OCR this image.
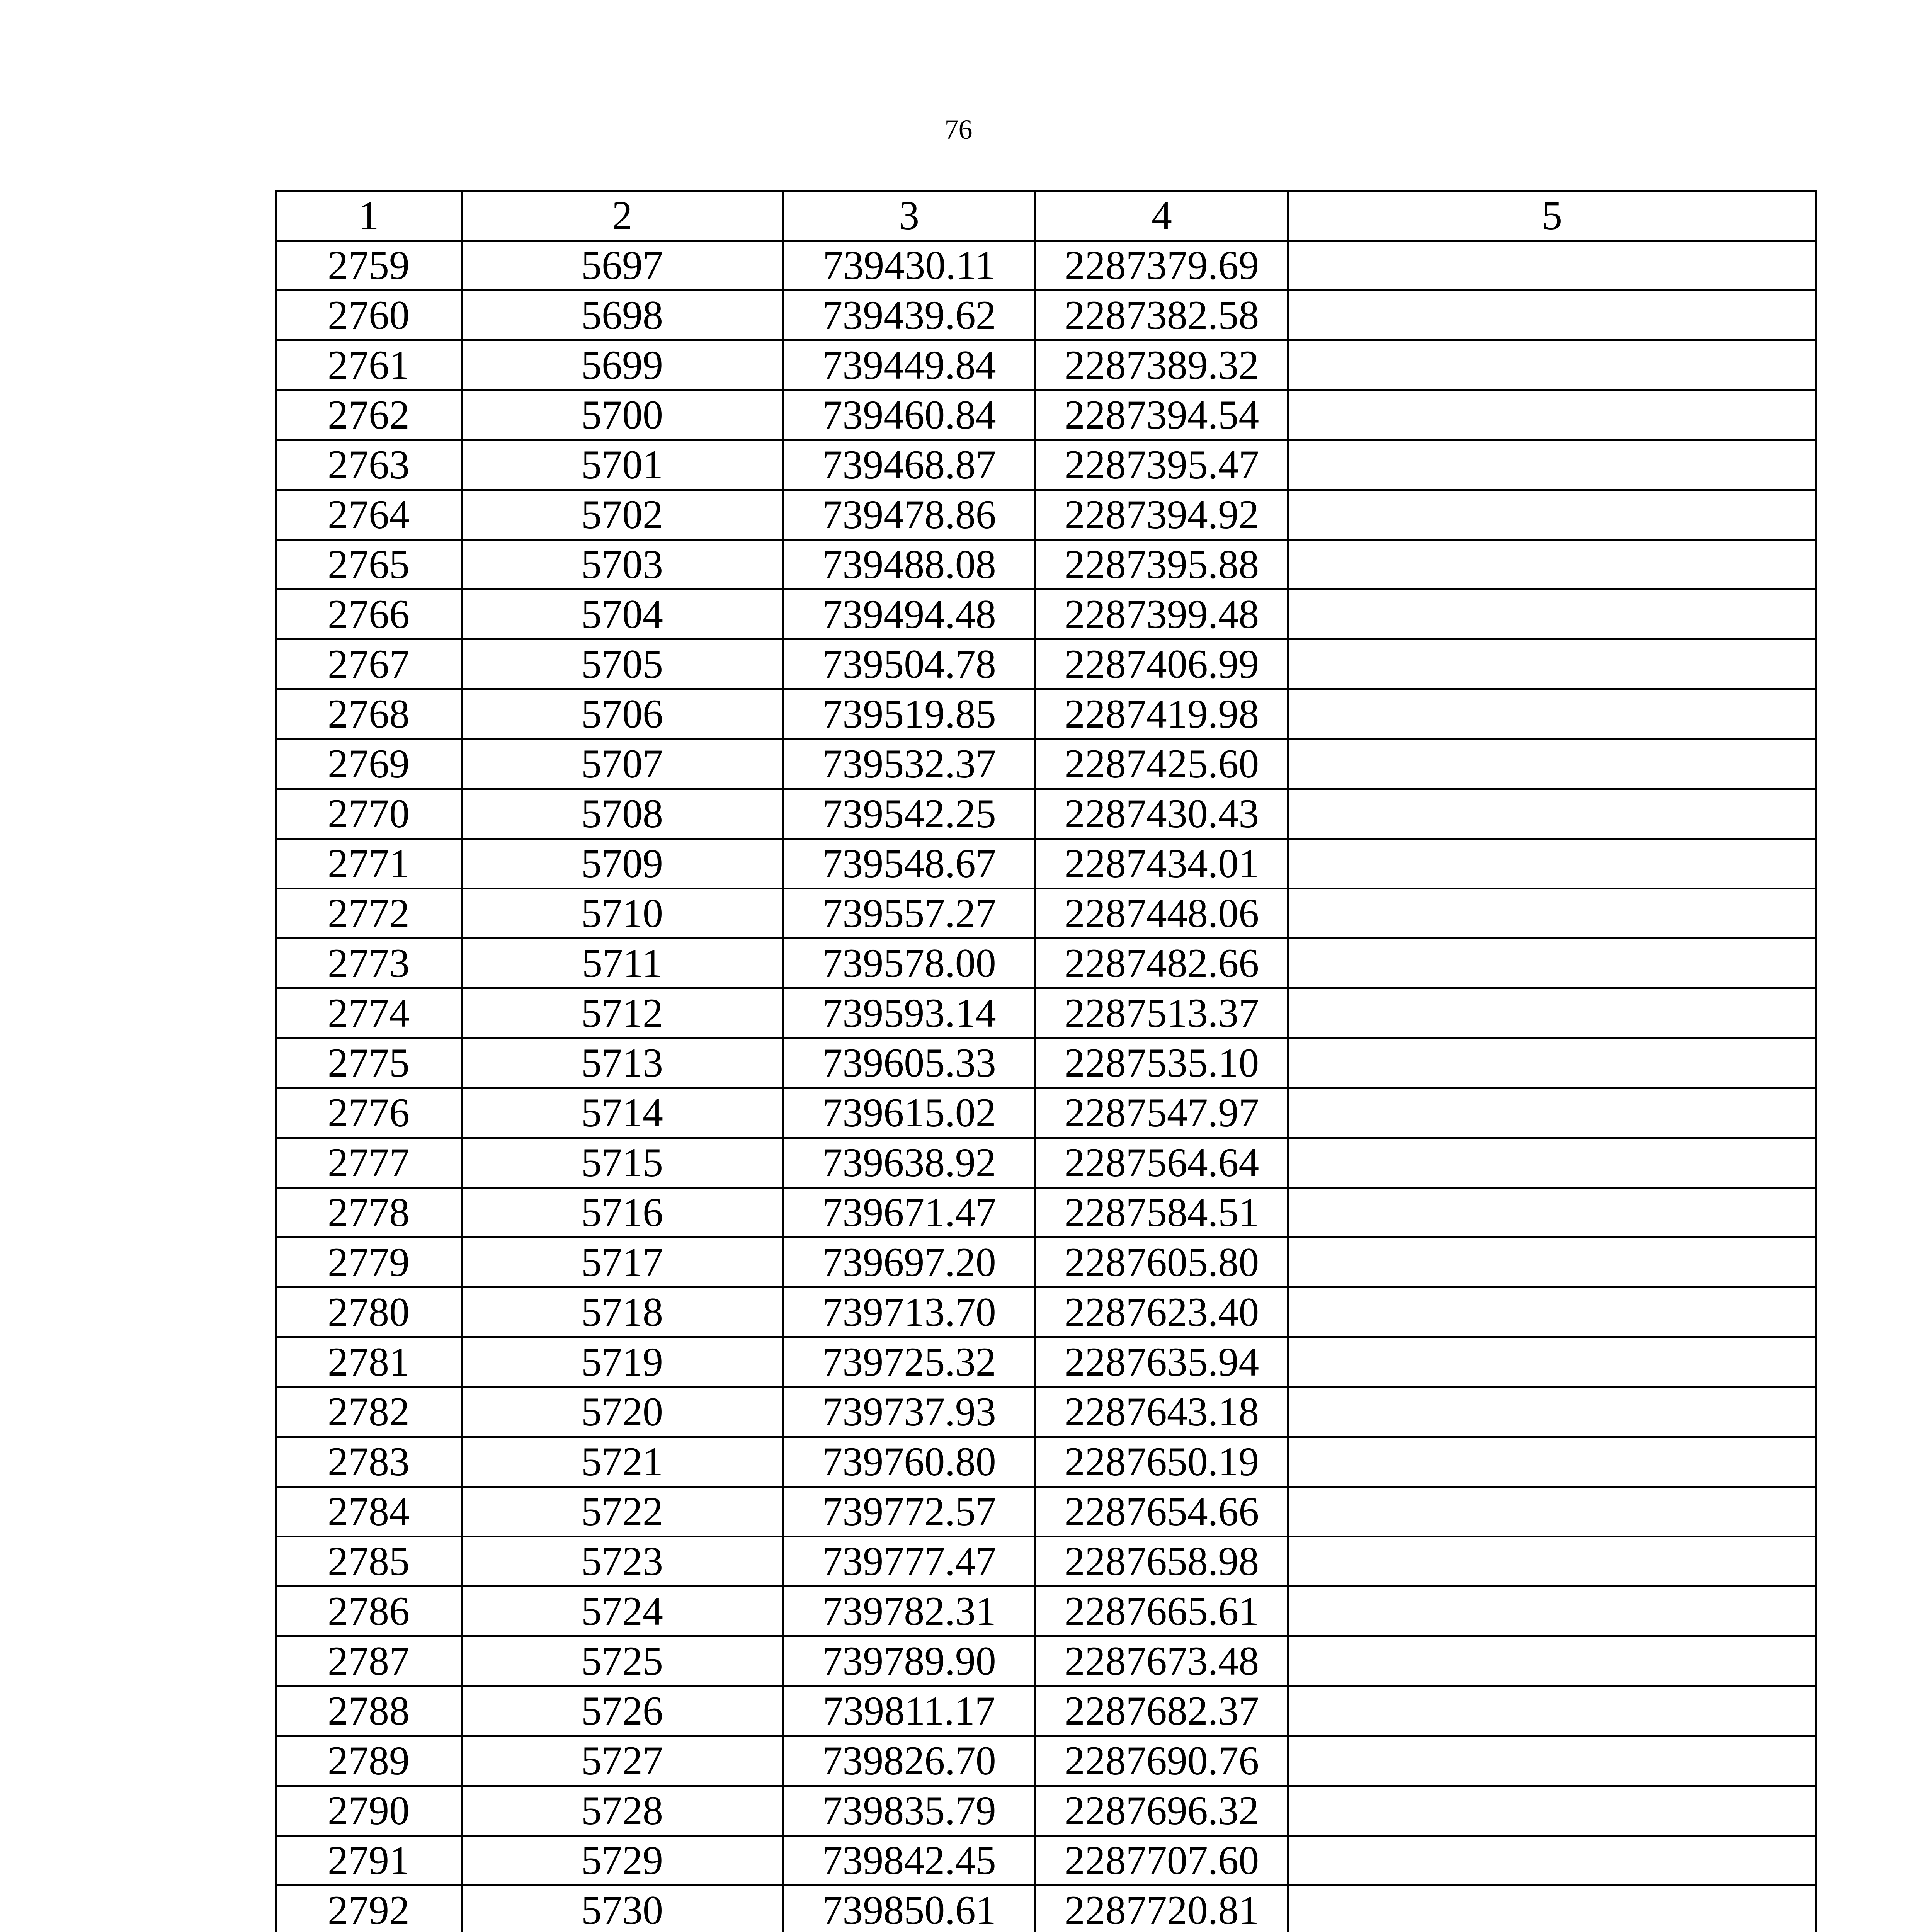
76
1	2	3	4	5
2759	5697	739430.11	2287379.69	
2760	5698	739439.62	2287382.58	
2761	5699	739449.84	2287389.32	
2762	5700	739460.84	2287394.54	
2763	5701	739468.87	2287395.47	
2764	5702	739478.86	2287394.92	
2765	5703	739488.08	2287395.88	
2766	5704	739494.48	2287399.48	
2767	5705	739504.78	2287406.99	
2768	5706	739519.85	2287419.98	
2769	5707	739532.37	2287425.60	
2770	5708	739542.25	2287430.43	
2771	5709	739548.67	2287434.01	
2772	5710	739557.27	2287448.06	
2773	5711	739578.00	2287482.66	
2774	5712	739593.14	2287513.37	
2775	5713	739605.33	2287535.10	
2776	5714	739615.02	2287547.97	
2777	5715	739638.92	2287564.64	
2778	5716	739671.47	2287584.51	
2779	5717	739697.20	2287605.80	
2780	5718	739713.70	2287623.40	
2781	5719	739725.32	2287635.94	
2782	5720	739737.93	2287643.18	
2783	5721	739760.80	2287650.19	
2784	5722	739772.57	2287654.66	
2785	5723	739777.47	2287658.98	
2786	5724	739782.31	2287665.61	
2787	5725	739789.90	2287673.48	
2788	5726	739811.17	2287682.37	
2789	5727	739826.70	2287690.76	
2790	5728	739835.79	2287696.32	
2791	5729	739842.45	2287707.60	
2792	5730	739850.61	2287720.81	
